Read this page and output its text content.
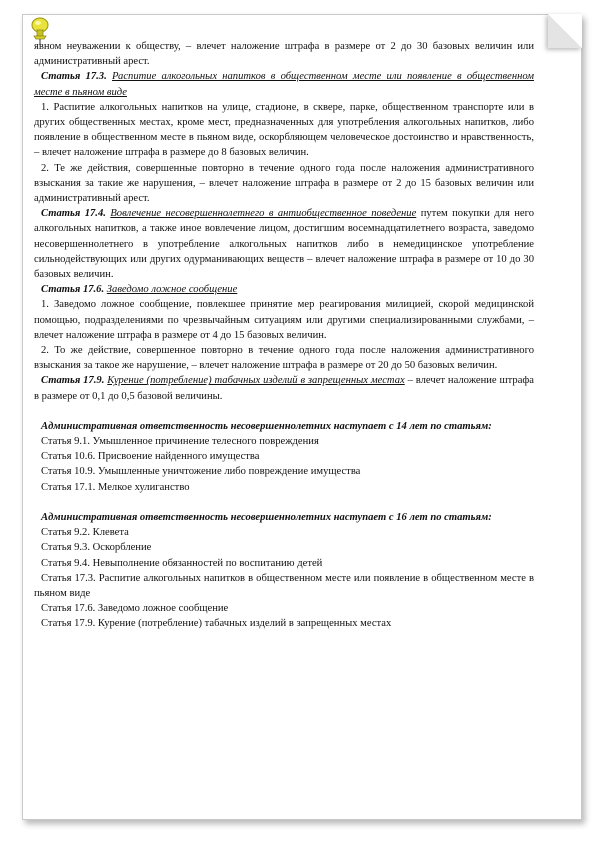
явном неуважении к обществу, – влечет наложение штрафа в размере от 2 до 30 базовых величин или административный арест.

Статья 17.3. Распитие алкогольных напитков в общественном месте или появление в общественном месте в пьяном виде

1. Распитие алкогольных напитков на улице, стадионе, в сквере, парке, общественном транспорте или в других общественных местах, кроме мест, предназначенных для употребления алкогольных напитков, либо появление в общественном месте в пьяном виде, оскорбляющем человеческое достоинство и нравственность, – влечет наложение штрафа в размере до 8 базовых величин.

2. Те же действия, совершенные повторно в течение одного года после наложения административного взыскания за такие же нарушения, – влечет наложение штрафа в размере от 2 до 15 базовых величин или административный арест.

Статья 17.4. Вовлечение несовершеннолетнего в антиобщественное поведение путем покупки для него алкогольных напитков, а также иное вовлечение лицом, достигшим восемнадцатилетнего возраста, заведомо несовершеннолетнего в употребление алкогольных напитков либо в немедицинское употребление сильнодействующих или других одурманивающих веществ – влечет наложение штрафа в размере от 10 до 30 базовых величин.

Статья 17.6. Заведомо ложное сообщение

1. Заведомо ложное сообщение, повлекшее принятие мер реагирования милицией, скорой медицинской помощью, подразделениями по чрезвычайным ситуациям или другими специализированными службами, – влечет наложение штрафа в размере от 4 до 15 базовых величин.

2. То же действие, совершенное повторно в течение одного года после наложения административного взыскания за такое же нарушение, – влечет наложение штрафа в размере от 20 до 50 базовых величин.

Статья 17.9. Курение (потребление) табачных изделий в запрещенных местах – влечет наложение штрафа в размере от 0,1 до 0,5 базовой величины.

Административная ответственность несовершеннолетних наступает с 14 лет по статьям:

Статья 9.1. Умышленное причинение телесного повреждения

Статья 10.6. Присвоение найденного имущества

Статья 10.9. Умышленные уничтожение либо повреждение имущества

Статья 17.1. Мелкое хулиганство

Административная ответственность несовершеннолетних наступает с 16 лет по статьям:

Статья 9.2. Клевета

Статья 9.3. Оскорбление

Статья 9.4. Невыполнение обязанностей по воспитанию детей

Статья 17.3. Распитие алкогольных напитков в общественном месте или появление в общественном месте в пьяном виде

Статья 17.6. Заведомо ложное сообщение

Статья 17.9. Курение (потребление) табачных изделий в запрещенных местах
